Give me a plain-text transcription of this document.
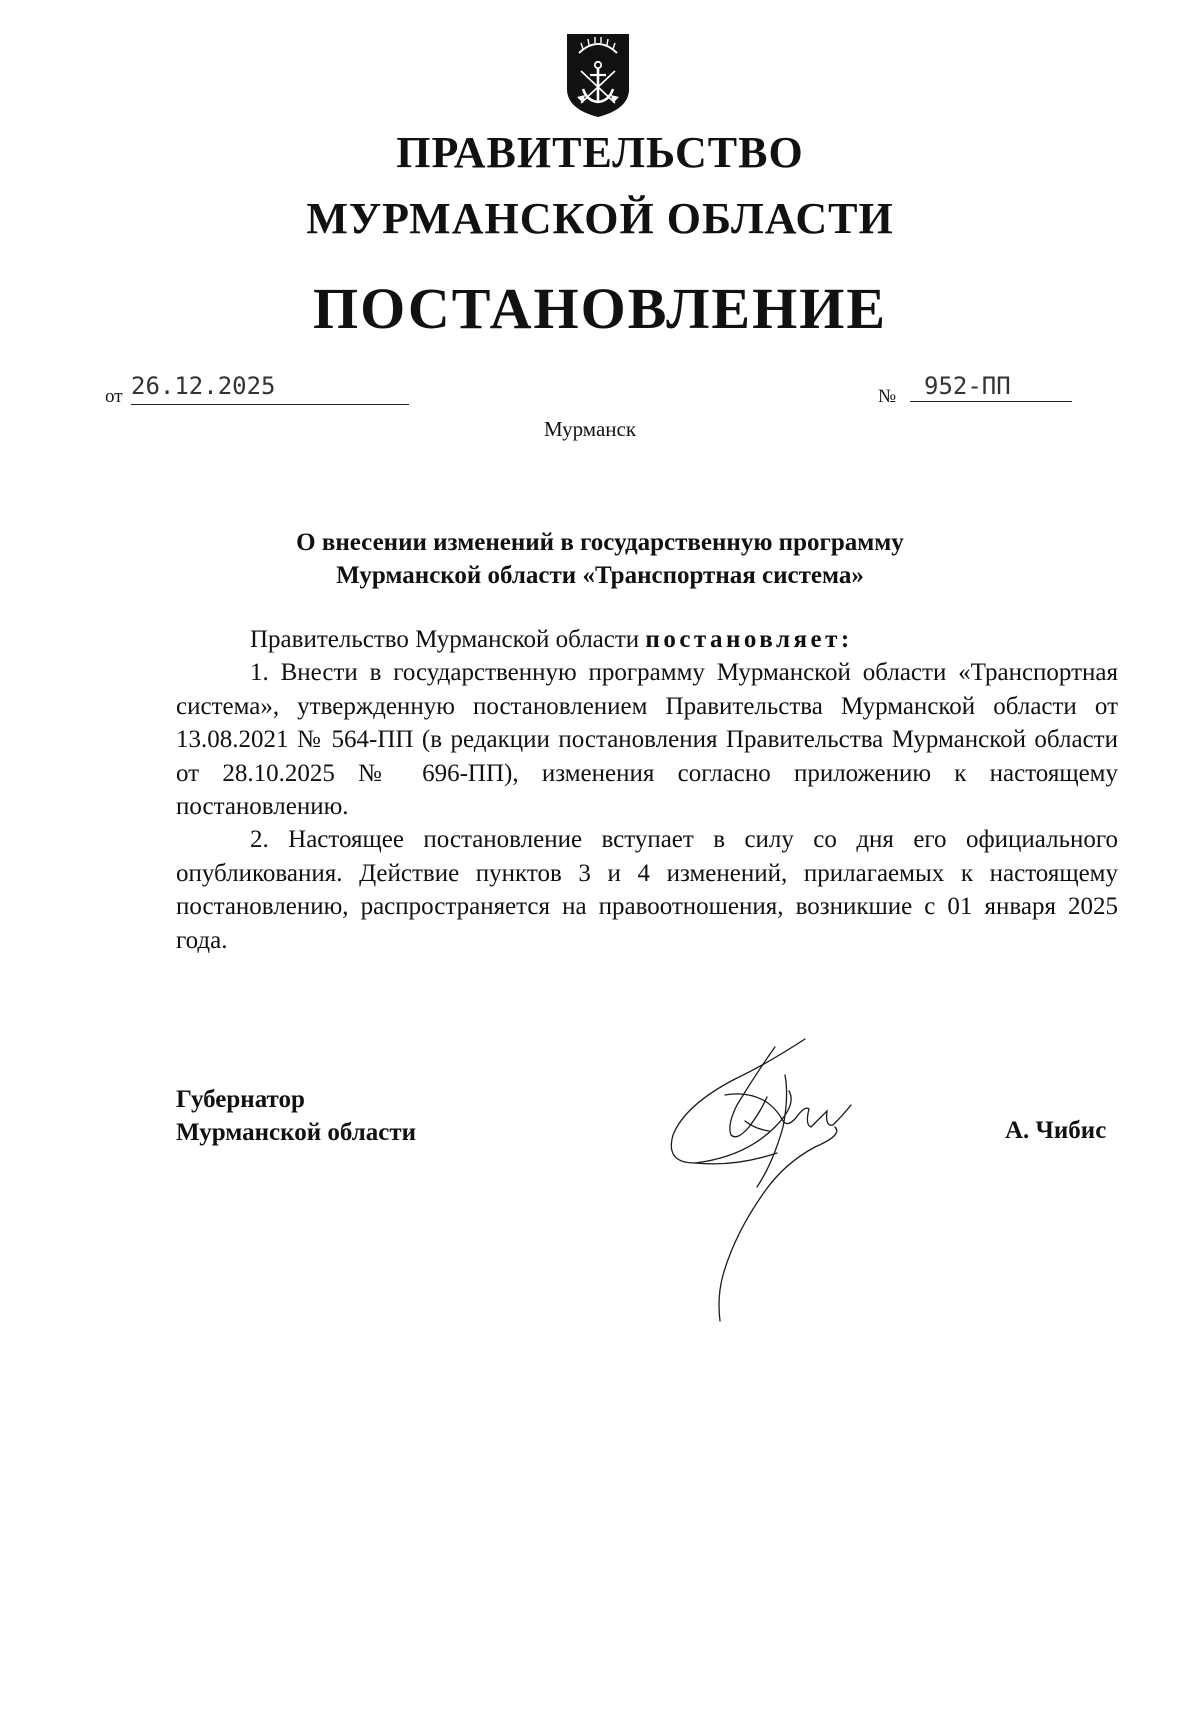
ПРАВИТЕЛЬСТВО
МУРМАНСКОЙ ОБЛАСТИ
ПОСТАНОВЛЕНИЕ
от 26.12.2025	№	952-ПП
Мурманск
О внесении изменений в государственную программу
Мурманской области «Транспортная система»

Правительство Мурманской области постановляет:

1. Внести в государственную программу Мурманской области «Транспортная система», утвержденную постановлением Правительства Мурманской области от 13.08.2021 № 564-ПП (в редакции постановления Правительства Мурманской области от 28.10.2025 № 696-ПП), изменения согласно приложению к настоящему постановлению.

2. Настоящее постановление вступает в силу со дня его официального опубликования. Действие пунктов 3 и 4 изменений, прилагаемых к настоящему постановлению, распространяется на правоотношения, возникшие с 01 января 2025 года.

Губернатор
Мурманской области	А. Чибис
